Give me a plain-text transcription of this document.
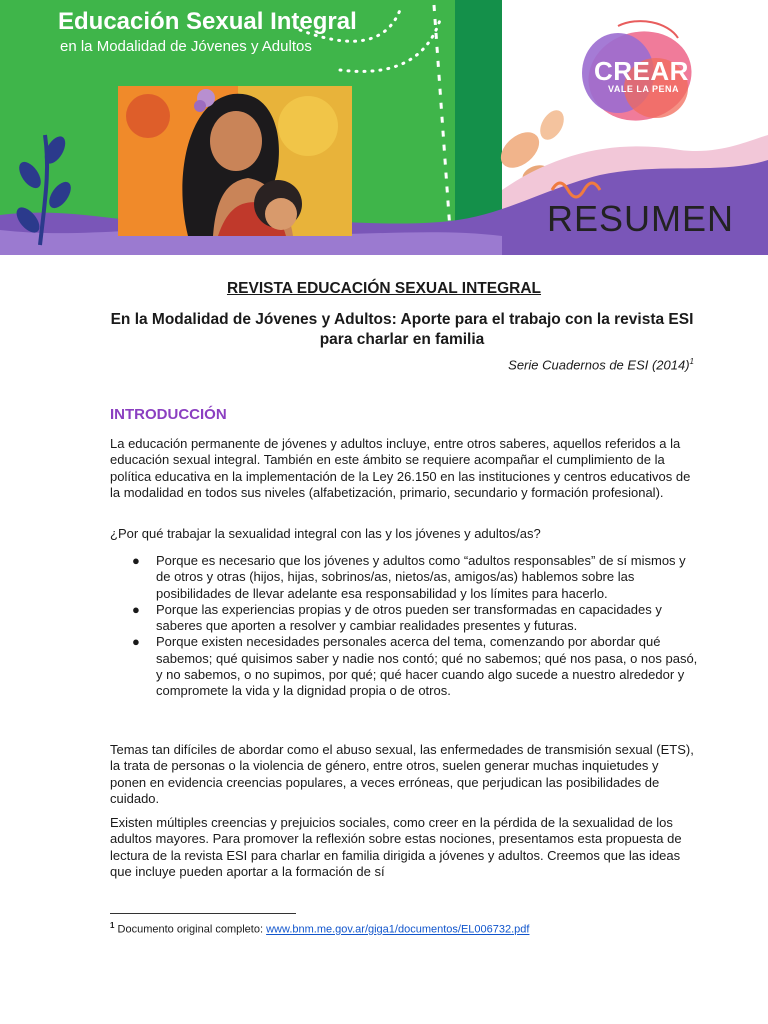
Educación Sexual Integral
en la Modalidad de Jóvenes y Adultos
CREAR
VALE LA PENA
RESUMEN
REVISTA EDUCACIÓN SEXUAL INTEGRAL
En la Modalidad de Jóvenes y Adultos: Aporte para el trabajo con la revista ESI para charlar en familia
Serie Cuadernos de ESI $(2014)^1$
INTRODUCCIÓN

La educación permanente de jóvenes y adultos incluye, entre otros saberes, aquellos referidos a la educación sexual integral. También en este ámbito se requiere acompañar el cumplimiento de la política educativa en la implementación de la Ley 26.150 en las instituciones y centros educativos de la modalidad en todos sus niveles (alfabetización, primario, secundario y formación profesional).

¿Por qué trabajar la sexualidad integral con las y los jóvenes y adultos/as?

● Porque es necesario que los jóvenes y adultos como “adultos responsables” de sí mismos y de otros y otras (hijos, hijas, sobrinos/as, nietos/as, amigos/as) hablemos sobre las posibilidades de llevar adelante esa responsabilidad y los límites para hacerlo.
● Porque las experiencias propias y de otros pueden ser transformadas en capacidades y saberes que aporten a resolver y cambiar realidades presentes y futuras.
● Porque existen necesidades personales acerca del tema, comenzando por abordar qué sabemos; qué quisimos saber y nadie nos contó; qué no sabemos; qué nos pasa, o nos pasó, y no sabemos, o no supimos, por qué; qué hacer cuando algo sucede a nuestro alrededor y compromete la vida y la dignidad propia o de otros.

Temas tan difíciles de abordar como el abuso sexual, las enfermedades de transmisión sexual (ETS), la trata de personas o la violencia de género, entre otros, suelen generar muchas inquietudes y ponen en evidencia creencias populares, a veces erróneas, que perjudican las posibilidades de cuidado.

Existen múltiples creencias y prejuicios sociales, como creer en la pérdida de la sexualidad de los adultos mayores. Para promover la reflexión sobre estas nociones, presentamos esta propuesta de lectura de la revista ESI para charlar en familia dirigida a jóvenes y adultos. Creemos que las ideas que incluye pueden aportar a la formación de sí

$^1$ Documento original completo: www.bnm.me.gov.ar/giga1/documentos/EL006732.pdf
